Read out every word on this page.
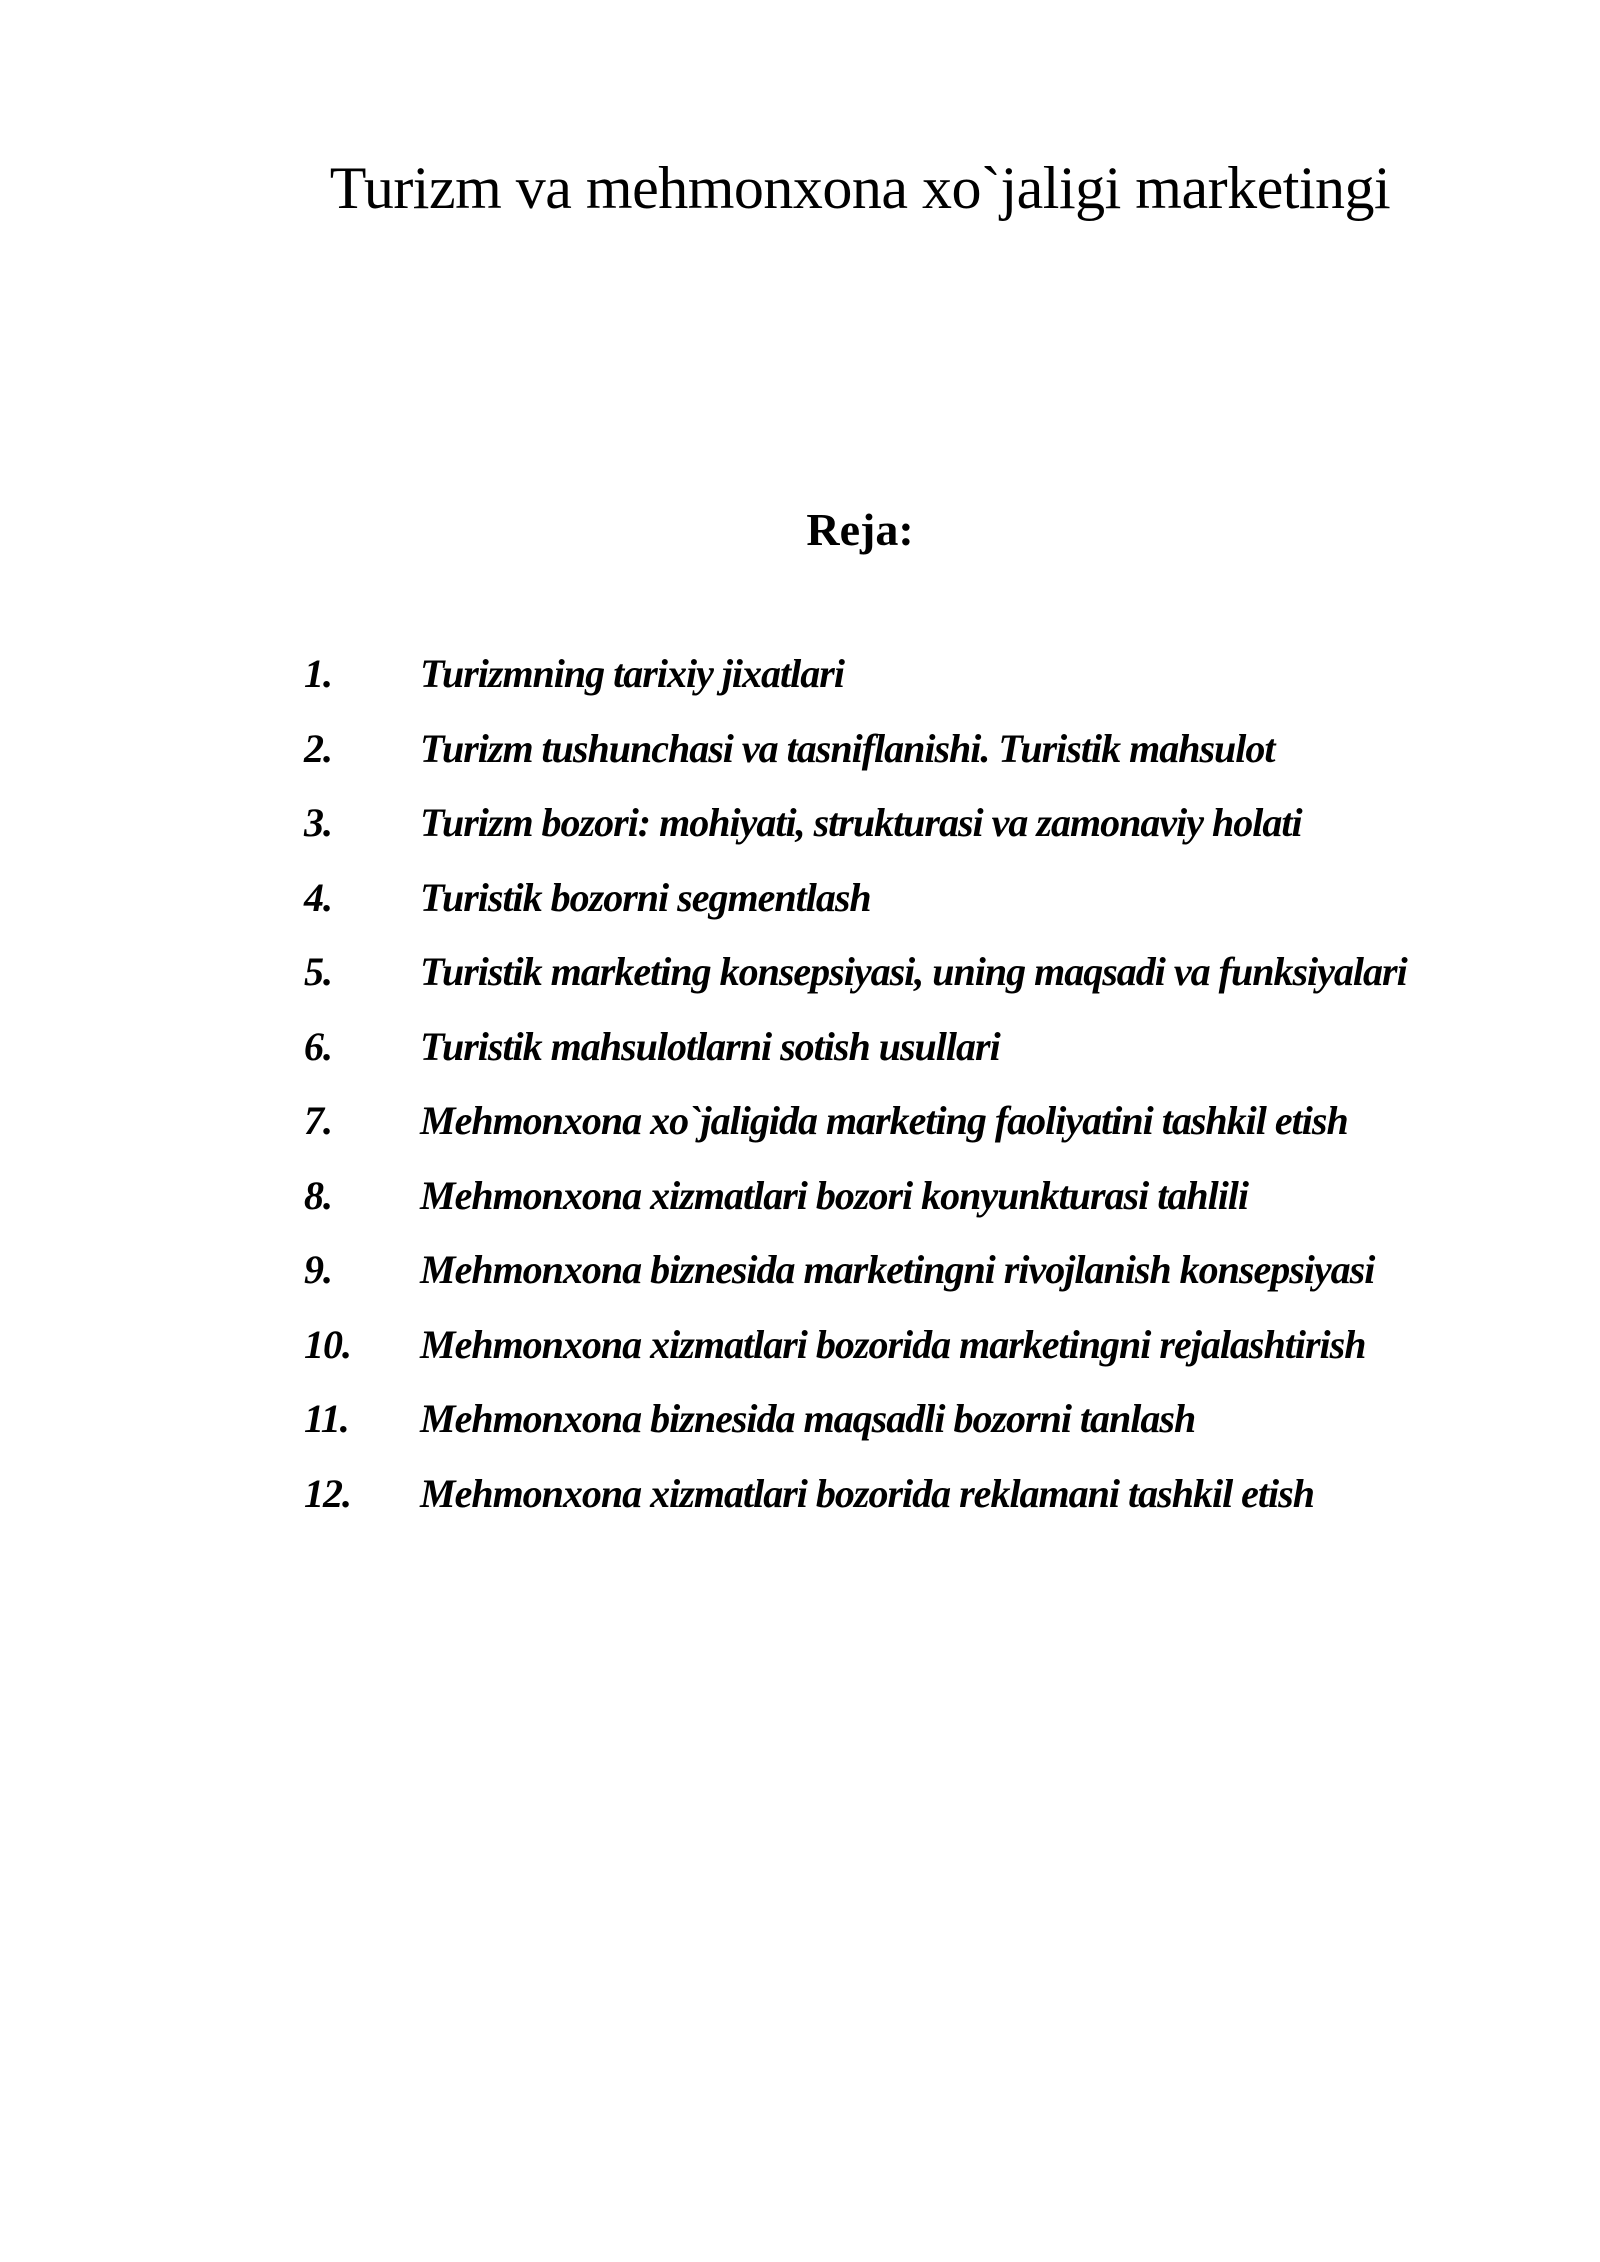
Turizm va mehmonxona xo`jaligi marketingi
Reja:
1.	Turizmning tarixiy jixatlari
2.	Turizm tushunchasi va tasniflanishi. Turistik mahsulot
3.	Turizm bozori: mohiyati, strukturasi va zamonaviy holati
4.	Turistik bozorni segmentlash
5.	Turistik marketing konsepsiyasi, uning maqsadi va funksiyalari
6.	Turistik mahsulotlarni sotish usullari
7.	Mehmonxona xo`jaligida marketing faoliyatini tashkil etish
8.	Mehmonxona xizmatlari bozori konyunkturasi tahlili
9.	Mehmonxona biznesida marketingni rivojlanish konsepsiyasi
10.	Mehmonxona xizmatlari bozorida marketingni rejalashtirish
11.	Mehmonxona biznesida maqsadli bozorni tanlash
12.	Mehmonxona xizmatlari bozorida reklamani tashkil etish
